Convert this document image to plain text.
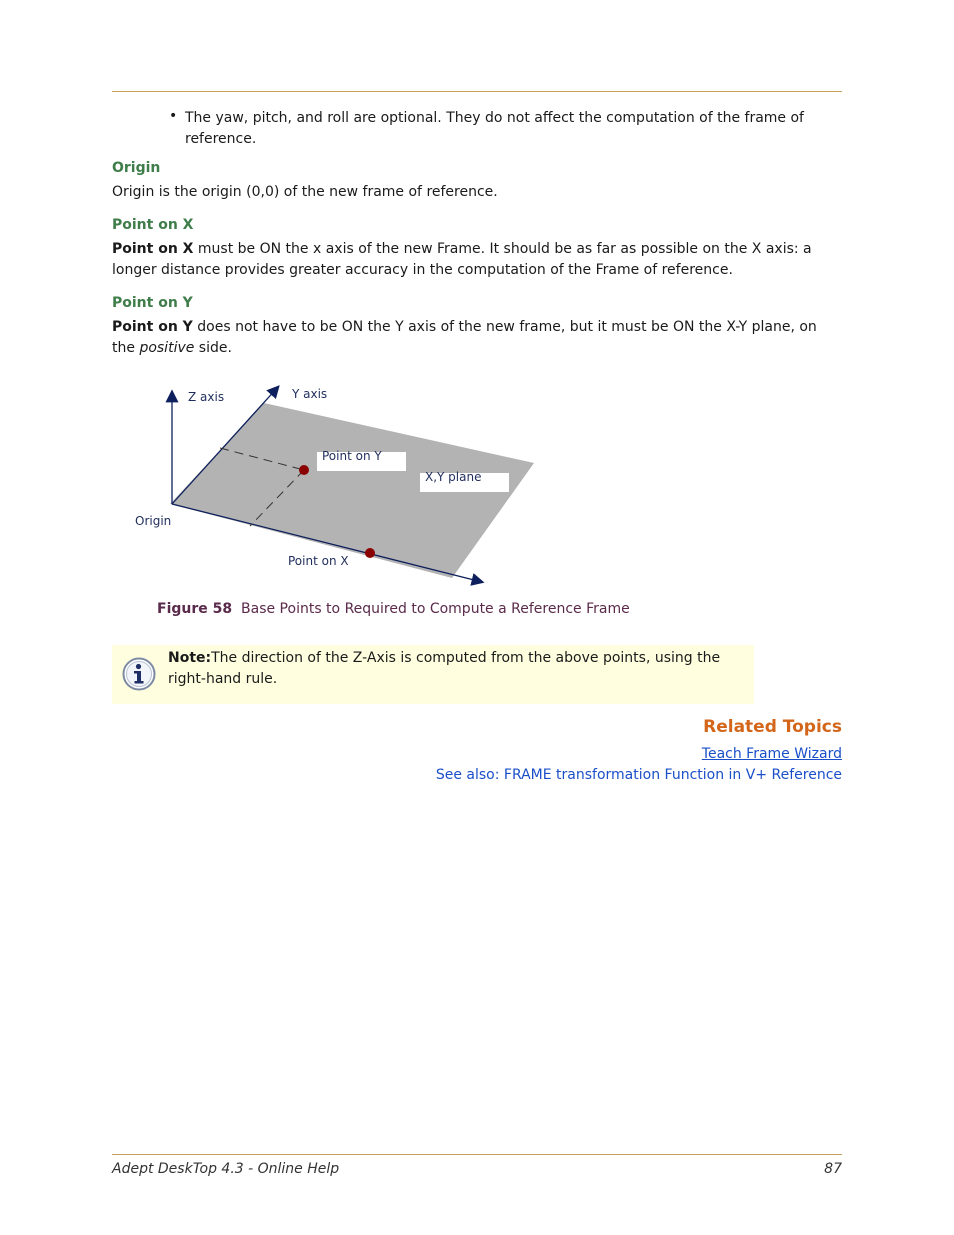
• The yaw, pitch, and roll are optional. They do not affect the computation of the frame of reference.
Origin
Origin is the origin (0,0) of the new frame of reference.
Point on X
Point on X must be ON the x axis of the new Frame. It should be as far as possible on the X axis: a longer distance provides greater accuracy in the computation of the Frame of reference.
Point on Y
Point on Y does not have to be ON the Y axis of the new frame, but it must be ON the X-Y plane, on the positive side.
Z axis	Y axis
Point on Y
X,Y plane
Origin
Point on X
Figure 58 Base Points to Required to Compute a Reference Frame
Note:The direction of the Z-Axis is computed from the above points, using the right-hand rule.
Related Topics
Teach Frame Wizard
See also: FRAME transformation Function in V+ Reference
Adept DeskTop 4.3 - Online Help	87
